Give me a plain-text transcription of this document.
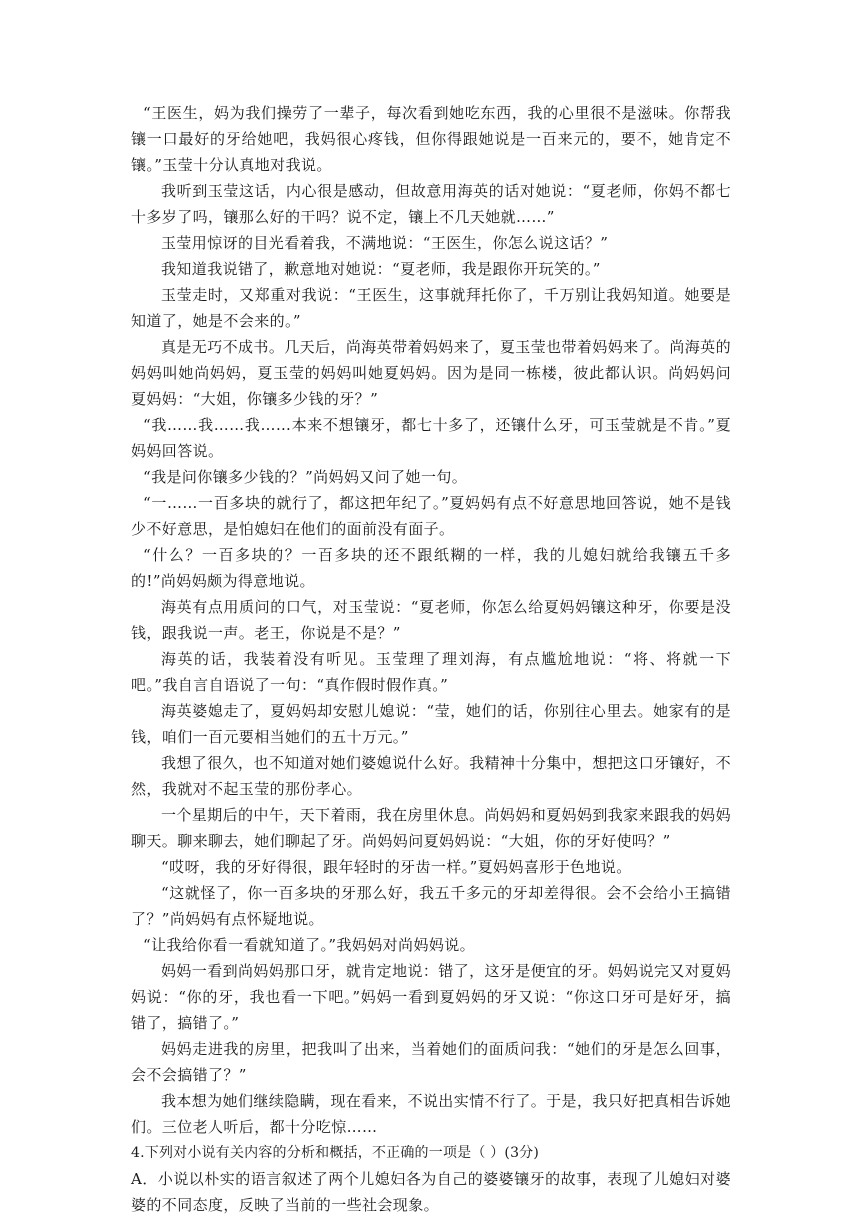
“王医生，妈为我们操劳了一辈子，每次看到她吃东西，我的心里很不是滋味。你帮我镶一口最好的牙给她吧，我妈很心疼钱，但你得跟她说是一百来元的，要不，她肯定不镶。”玉莹十分认真地对我说。

我听到玉莹这话，内心很是感动，但故意用海英的话对她说：“夏老师，你妈不都七十多岁了吗，镶那么好的干吗？说不定，镶上不几天她就……”

玉莹用惊讶的目光看着我，不满地说：“王医生，你怎么说这话？”

我知道我说错了，歉意地对她说：“夏老师，我是跟你开玩笑的。”

玉莹走时，又郑重对我说：“王医生，这事就拜托你了，千万别让我妈知道。她要是知道了，她是不会来的。”

真是无巧不成书。几天后，尚海英带着妈妈来了，夏玉莹也带着妈妈来了。尚海英的妈妈叫她尚妈妈，夏玉莹的妈妈叫她夏妈妈。因为是同一栋楼，彼此都认识。尚妈妈问夏妈妈：“大姐，你镶多少钱的牙？”

“我……我……我……本来不想镶牙，都七十多了，还镶什么牙，可玉莹就是不肯。”夏妈妈回答说。

“我是问你镶多少钱的？”尚妈妈又问了她一句。

“一……一百多块的就行了，都这把年纪了。”夏妈妈有点不好意思地回答说，她不是钱少不好意思，是怕媳妇在他们的面前没有面子。

“什么？一百多块的？一百多块的还不跟纸糊的一样，我的儿媳妇就给我镶五千多的!”尚妈妈颇为得意地说。

海英有点用质问的口气，对玉莹说：“夏老师，你怎么给夏妈妈镶这种牙，你要是没钱，跟我说一声。老王，你说是不是？”

海英的话，我装着没有听见。玉莹理了理刘海，有点尴尬地说：“将、将就一下吧。”我自言自语说了一句：“真作假时假作真。”

海英婆媳走了，夏妈妈却安慰儿媳说：“莹，她们的话，你别往心里去。她家有的是钱，咱们一百元要相当她们的五十万元。”

我想了很久，也不知道对她们婆媳说什么好。我精神十分集中，想把这口牙镶好，不然，我就对不起玉莹的那份孝心。

一个星期后的中午，天下着雨，我在房里休息。尚妈妈和夏妈妈到我家来跟我的妈妈聊天。聊来聊去，她们聊起了牙。尚妈妈问夏妈妈说：“大姐，你的牙好使吗？”

“哎呀，我的牙好得很，跟年轻时的牙齿一样。”夏妈妈喜形于色地说。

“这就怪了，你一百多块的牙那么好，我五千多元的牙却差得很。会不会给小王搞错了？”尚妈妈有点怀疑地说。

“让我给你看一看就知道了。”我妈妈对尚妈妈说。

妈妈一看到尚妈妈那口牙，就肯定地说：错了，这牙是便宜的牙。妈妈说完又对夏妈妈说：“你的牙，我也看一下吧。”妈妈一看到夏妈妈的牙又说：“你这口牙可是好牙，搞错了，搞错了。”

妈妈走进我的房里，把我叫了出来，当着她们的面质问我：“她们的牙是怎么回事，会不会搞错了？”

我本想为她们继续隐瞒，现在看来，不说出实情不行了。于是，我只好把真相告诉她们。三位老人听后，都十分吃惊……

4.下列对小说有关内容的分析和概括，不正确的一项是（ ）(3分)

A．小说以朴实的语言叙述了两个儿媳妇各为自己的婆婆镶牙的故事，表现了儿媳妇对婆婆的不同态度，反映了当前的一些社会现象。
